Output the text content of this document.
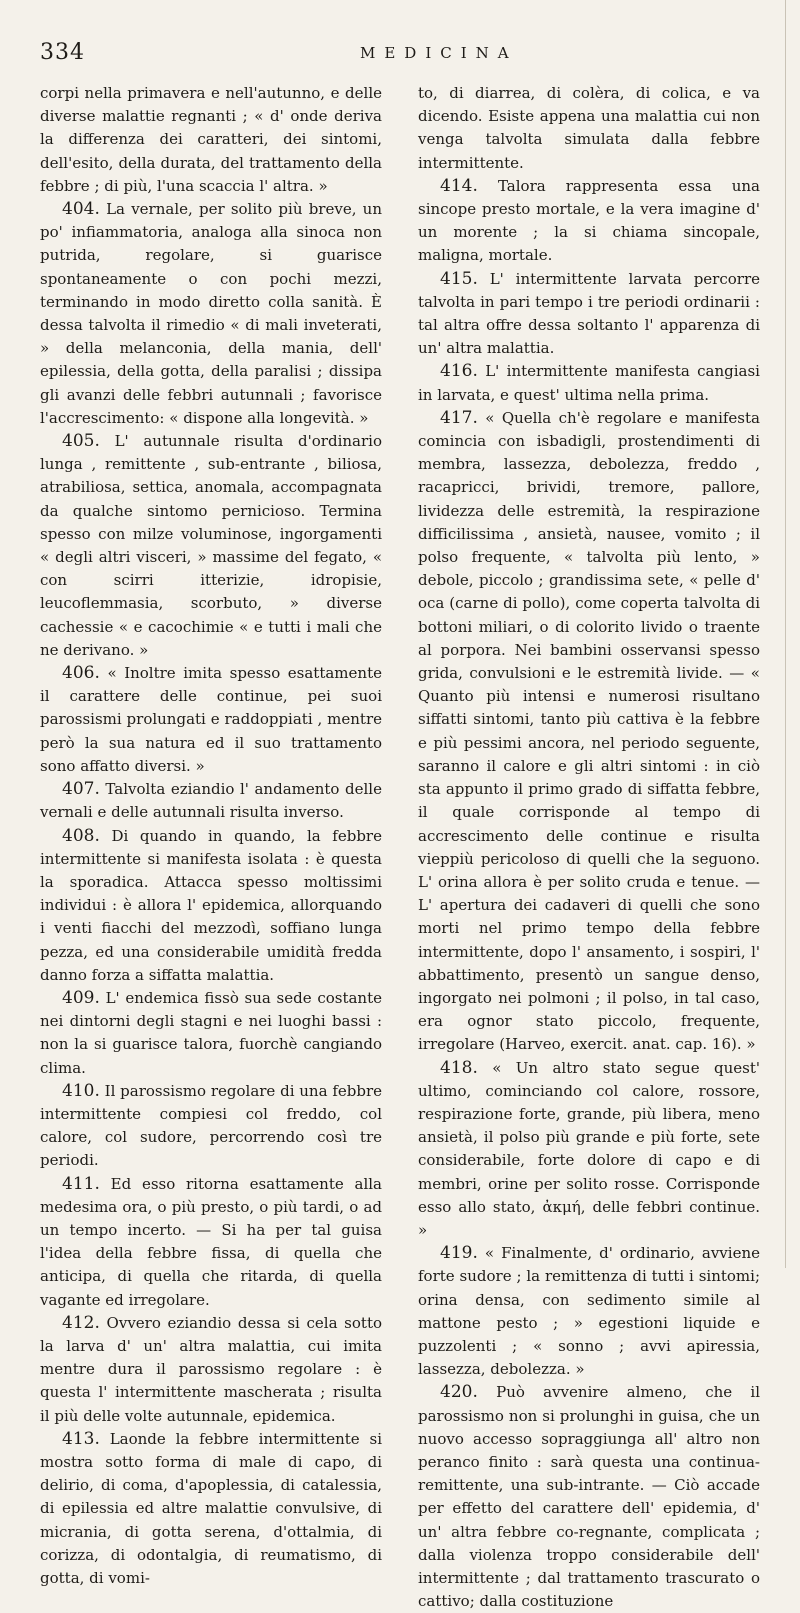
334	MEDICINA

corpi nella primavera e nell'autunno, e delle diverse malattie regnanti ; « d' onde deriva la differenza dei caratteri, dei sintomi, dell'esito, della durata, del trattamento della febbre ; di più, l'una scaccia l' altra. »

404. La vernale, per solito più breve, un po' infiammatoria, analoga alla sinoca non putrida, regolare, si guarisce spontaneamente o con pochi mezzi, terminando in modo diretto colla sanità. È dessa talvolta il rimedio « di mali inveterati, » della melanconia, della mania, dell' epilessia, della gotta, della paralisi ; dissipa gli avanzi delle febbri autunnali ; favorisce l'accrescimento: « dispone alla longevità. »

405. L' autunnale risulta d'ordinario lunga , remittente , sub-entrante , biliosa, atrabiliosa, settica, anomala, accompagnata da qualche sintomo pernicioso. Termina spesso con milze voluminose, ingorgamenti « degli altri visceri, » massime del fegato, « con scirri itterizie, idropisie, leucoflemmasia, scorbuto, » diverse cachessie « e cacochimie « e tutti i mali che ne derivano. »

406. « Inoltre imita spesso esattamente il carattere delle continue, pei suoi parossismi prolungati e raddoppiati , mentre però la sua natura ed il suo trattamento sono affatto diversi. »

407. Talvolta eziandio l' andamento delle vernali e delle autunnali risulta inverso.

408. Di quando in quando, la febbre intermittente si manifesta isolata : è questa la sporadica. Attacca spesso moltissimi individui : è allora l' epidemica, allorquando i venti fiacchi del mezzodì, soffiano lunga pezza, ed una considerabile umidità fredda danno forza a siffatta malattia.

409. L' endemica fissò sua sede costante nei dintorni degli stagni e nei luoghi bassi : non la si guarisce talora, fuorchè cangiando clima.

410. Il parossismo regolare di una febbre intermittente compiesi col freddo, col calore, col sudore, percorrendo così tre periodi.

411. Ed esso ritorna esattamente alla medesima ora, o più presto, o più tardi, o ad un tempo incerto. — Si ha per tal guisa l'idea della febbre fissa, di quella che anticipa, di quella che ritarda, di quella vagante ed irregolare.

412. Ovvero eziandio dessa si cela sotto la larva d' un' altra malattia, cui imita mentre dura il parossismo regolare : è questa l' intermittente mascherata ; risulta il più delle volte autunnale, epidemica.

413. Laonde la febbre intermittente si mostra sotto forma di male di capo, di delirio, di coma, d'apoplessia, di catalessia, di epilessia ed altre malattie convulsive, di micrania, di gotta serena, d'ottalmia, di corizza, di odontalgia, di reumatismo, di gotta, di vomi-

to, di diarrea, di colèra, di colica, e va dicendo. Esiste appena una malattia cui non venga talvolta simulata dalla febbre intermittente.

414. Talora rappresenta essa una sincope presto mortale, e la vera imagine d' un morente ; la si chiama sincopale, maligna, mortale.

415. L' intermittente larvata percorre talvolta in pari tempo i tre periodi ordinarii : tal altra offre dessa soltanto l' apparenza di un' altra malattia.

416. L' intermittente manifesta cangiasi in larvata, e quest' ultima nella prima.

417. « Quella ch'è regolare e manifesta comincia con isbadigli, prostendimenti di membra, lassezza, debolezza, freddo , racapricci, brividi, tremore, pallore, lividezza delle estremità, la respirazione difficilissima , ansietà, nausee, vomito ; il polso frequente, « talvolta più lento, » debole, piccolo ; grandissima sete, « pelle d' oca (carne di pollo), come coperta talvolta di bottoni miliari, o di colorito livido o traente al porpora. Nei bambini osservansi spesso grida, convulsioni e le estremità livide. — « Quanto più intensi e numerosi risultano siffatti sintomi, tanto più cattiva è la febbre e più pessimi ancora, nel periodo seguente, saranno il calore e gli altri sintomi : in ciò sta appunto il primo grado di siffatta febbre, il quale corrisponde al tempo di accrescimento delle continue e risulta vieppiù pericoloso di quelli che la seguono. L' orina allora è per solito cruda e tenue. — L' apertura dei cadaveri di quelli che sono morti nel primo tempo della febbre intermittente, dopo l' ansamento, i sospiri, l' abbattimento, presentò un sangue denso, ingorgato nei polmoni ; il polso, in tal caso, era ognor stato piccolo, frequente, irregolare (Harveo, exercit. anat. cap. 16). »

418. « Un altro stato segue quest' ultimo, cominciando col calore, rossore, respirazione forte, grande, più libera, meno ansietà, il polso più grande e più forte, sete considerabile, forte dolore di capo e di membri, orine per solito rosse. Corrisponde esso allo stato, ἀκμή, delle febbri continue. »

419. « Finalmente, d' ordinario, avviene forte sudore ; la remittenza di tutti i sintomi; orina densa, con sedimento simile al mattone pesto ; » egestioni liquide e puzzolenti ; « sonno ; avvi apiressia, lassezza, debolezza. »

420. Può avvenire almeno, che il parossismo non si prolunghi in guisa, che un nuovo accesso sopraggiunga all' altro non peranco finito : sarà questa una continua-remittente, una sub-intrante. — Ciò accade per effetto del carattere dell' epidemia, d' un' altra febbre co-regnante, complicata ; dalla violenza troppo considerabile dell' intermittente ; dal trattamento trascurato o cattivo; dalla costituzione
